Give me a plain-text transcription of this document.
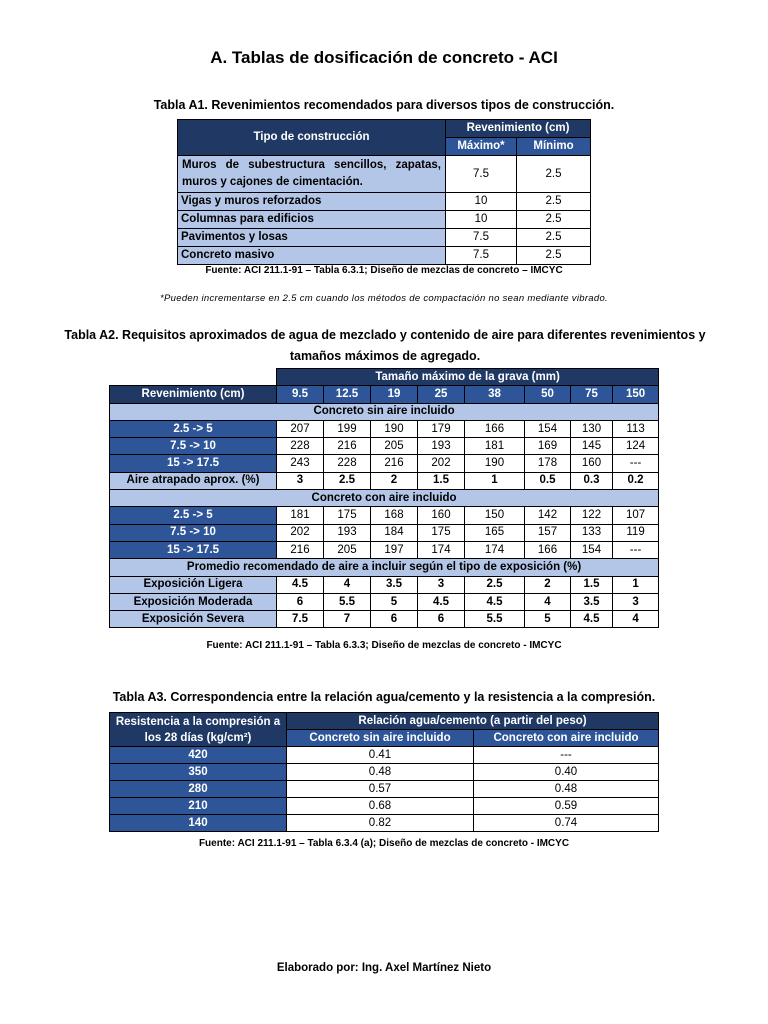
A. Tablas de dosificación de concreto - ACI
Tabla A1. Revenimientos recomendados para diversos tipos de construcción.
Tipo de construcción	Revenimiento (cm)	
	Máximo*	Mínimo
Muros de subestructura sencillos, zapatas, muros y cajones de cimentación.	7.5	2.5
Vigas y muros reforzados	10	2.5
Columnas para edificios	10	2.5
Pavimentos y losas	7.5	2.5
Concreto masivo	7.5	2.5
Fuente: ACI 211.1-91 – Tabla 6.3.1; Diseño de mezclas de concreto – IMCYC
*Pueden incrementarse en 2.5 cm cuando los métodos de compactación no sean mediante vibrado.
Tabla A2. Requisitos aproximados de agua de mezclado y contenido de aire para diferentes revenimientos y tamaños máximos de agregado.
	Tamaño máximo de la grava (mm)							
Revenimiento (cm)	9.5	12.5	19	25	38	50	75	150
Concreto sin aire incluido								
2.5 -> 5	207	199	190	179	166	154	130	113
7.5 -> 10	228	216	205	193	181	169	145	124
15 -> 17.5	243	228	216	202	190	178	160	---
Aire atrapado aprox. (%)	3	2.5	2	1.5	1	0.5	0.3	0.2
Concreto con aire incluido								
2.5 -> 5	181	175	168	160	150	142	122	107
7.5 -> 10	202	193	184	175	165	157	133	119
15 -> 17.5	216	205	197	174	174	166	154	---
Promedio recomendado de aire a incluir según el tipo de exposición (%)								
Exposición Ligera	4.5	4	3.5	3	2.5	2	1.5	1
Exposición Moderada	6	5.5	5	4.5	4.5	4	3.5	3
Exposición Severa	7.5	7	6	6	5.5	5	4.5	4
Fuente: ACI 211.1-91 – Tabla 6.3.3; Diseño de mezclas de concreto - IMCYC
Tabla A3. Correspondencia entre la relación agua/cemento y la resistencia a la compresión.
Resistencia a la compresión a los 28 días (kg/cm²)	Relación agua/cemento (a partir del peso)	
	Concreto sin aire incluido	Concreto con aire incluido
420	0.41	---
350	0.48	0.40
280	0.57	0.48
210	0.68	0.59
140	0.82	0.74
Fuente: ACI 211.1-91 – Tabla 6.3.4 (a); Diseño de mezclas de concreto - IMCYC
Elaborado por: Ing. Axel Martínez Nieto
